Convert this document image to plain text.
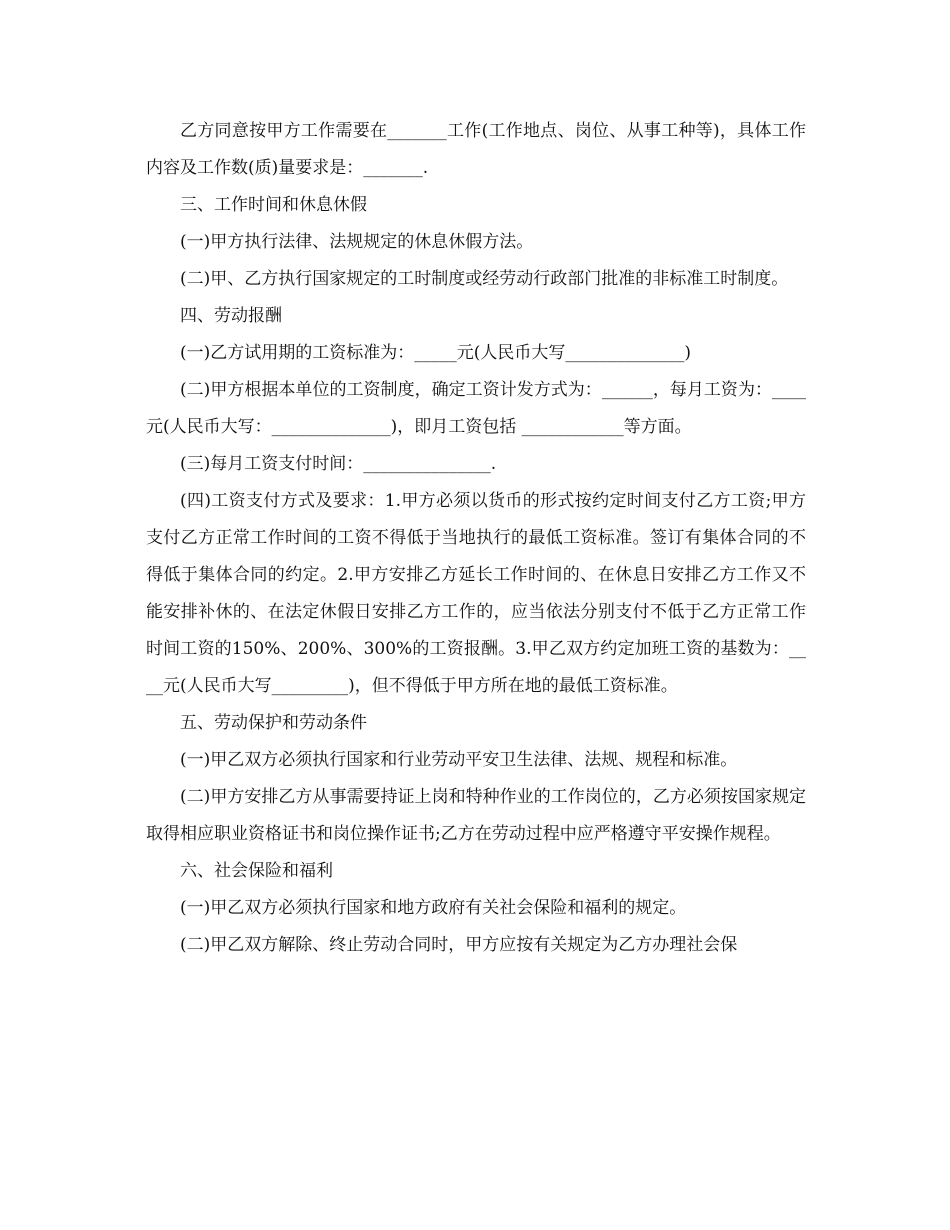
乙方同意按甲方工作需要在_______工作(工作地点、岗位、从事工种等)，具体工作内容及工作数(质)量要求是：_______.

三、工作时间和休息休假

(一)甲方执行法律、法规规定的休息休假方法。

(二)甲、乙方执行国家规定的工时制度或经劳动行政部门批准的非标准工时制度。

四、劳动报酬

(一)乙方试用期的工资标准为：_____元(人民币大写______________)

(二)甲方根据本单位的工资制度，确定工资计发方式为：______，每月工资为：____元(人民币大写：______________)，即月工资包括 ____________等方面。

(三)每月工资支付时间：_______________.

(四)工资支付方式及要求：1.甲方必须以货币的形式按约定时间支付乙方工资;甲方支付乙方正常工作时间的工资不得低于当地执行的最低工资标准。签订有集体合同的不得低于集体合同的约定。2.甲方安排乙方延长工作时间的、在休息日安排乙方工作又不能安排补休的、在法定休假日安排乙方工作的，应当依法分别支付不低于乙方正常工作时间工资的150%、200%、300%的工资报酬。3.甲乙双方约定加班工资的基数为：____元(人民币大写_________)，但不得低于甲方所在地的最低工资标准。

五、劳动保护和劳动条件

(一)甲乙双方必须执行国家和行业劳动平安卫生法律、法规、规程和标准。

(二)甲方安排乙方从事需要持证上岗和特种作业的工作岗位的，乙方必须按国家规定取得相应职业资格证书和岗位操作证书;乙方在劳动过程中应严格遵守平安操作规程。

六、社会保险和福利

(一)甲乙双方必须执行国家和地方政府有关社会保险和福利的规定。

(二)甲乙双方解除、终止劳动合同时，甲方应按有关规定为乙方办理社会保
